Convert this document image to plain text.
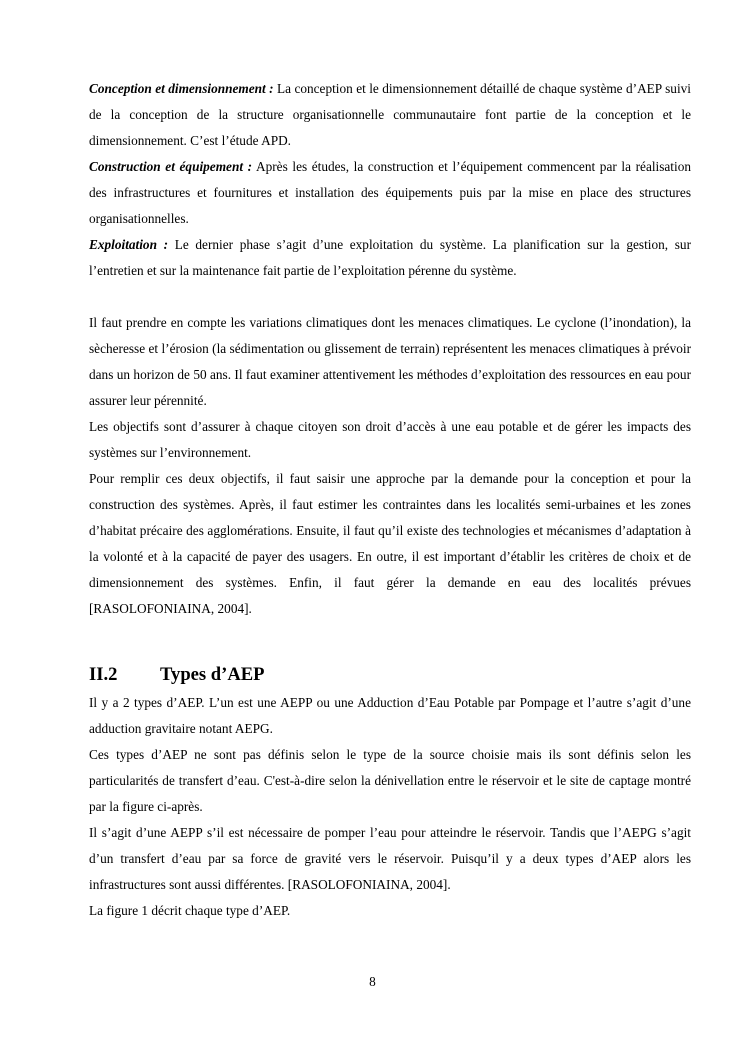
Conception et dimensionnement : La conception et le dimensionnement détaillé de chaque système d’AEP suivi de la conception de la structure organisationnelle communautaire font partie de la conception et le dimensionnement. C’est l’étude APD.

Construction et équipement : Après les études, la construction et l’équipement commencent par la réalisation des infrastructures et fournitures et installation des équipements puis par la mise en place des structures organisationnelles.

Exploitation : Le dernier phase s’agit d’une exploitation du système. La planification sur la gestion, sur l’entretien et sur la maintenance fait partie de l’exploitation pérenne du système.

Il faut prendre en compte les variations climatiques dont les menaces climatiques. Le cyclone (l’inondation), la sècheresse et l’érosion (la sédimentation ou glissement de terrain) représentent les menaces climatiques à prévoir dans un horizon de 50 ans. Il faut examiner attentivement les méthodes d’exploitation des ressources en eau pour assurer leur pérennité.

Les objectifs sont d’assurer à chaque citoyen son droit d’accès à une eau potable et de gérer les impacts des systèmes sur l’environnement.

Pour remplir ces deux objectifs, il faut saisir une approche par la demande pour la conception et pour la construction des systèmes. Après, il faut estimer les contraintes dans les localités semi-urbaines et les zones d’habitat précaire des agglomérations. Ensuite, il faut qu’il existe des technologies et mécanismes d’adaptation à la volonté et à la capacité de payer des usagers. En outre, il est important d’établir les critères de choix et de dimensionnement des systèmes. Enfin, il faut gérer la demande en eau des localités prévues [RASOLOFONIAINA, 2004].

II.2	Types d’AEP

Il y a 2 types d’AEP. L’un est une AEPP ou une Adduction d’Eau Potable par Pompage et l’autre s’agit d’une adduction gravitaire notant AEPG.

Ces types d’AEP ne sont pas définis selon le type de la source choisie mais ils sont définis selon les particularités de transfert d’eau. C'est-à-dire selon la dénivellation entre le réservoir et le site de captage montré par la figure ci-après.

Il s’agit d’une AEPP s’il est nécessaire de pomper l’eau pour atteindre le réservoir. Tandis que l’AEPG s’agit d’un transfert d’eau par sa force de gravité vers le réservoir. Puisqu’il y a deux types d’AEP alors les infrastructures sont aussi différentes. [RASOLOFONIAINA, 2004].

La figure 1 décrit chaque type d’AEP.

8
